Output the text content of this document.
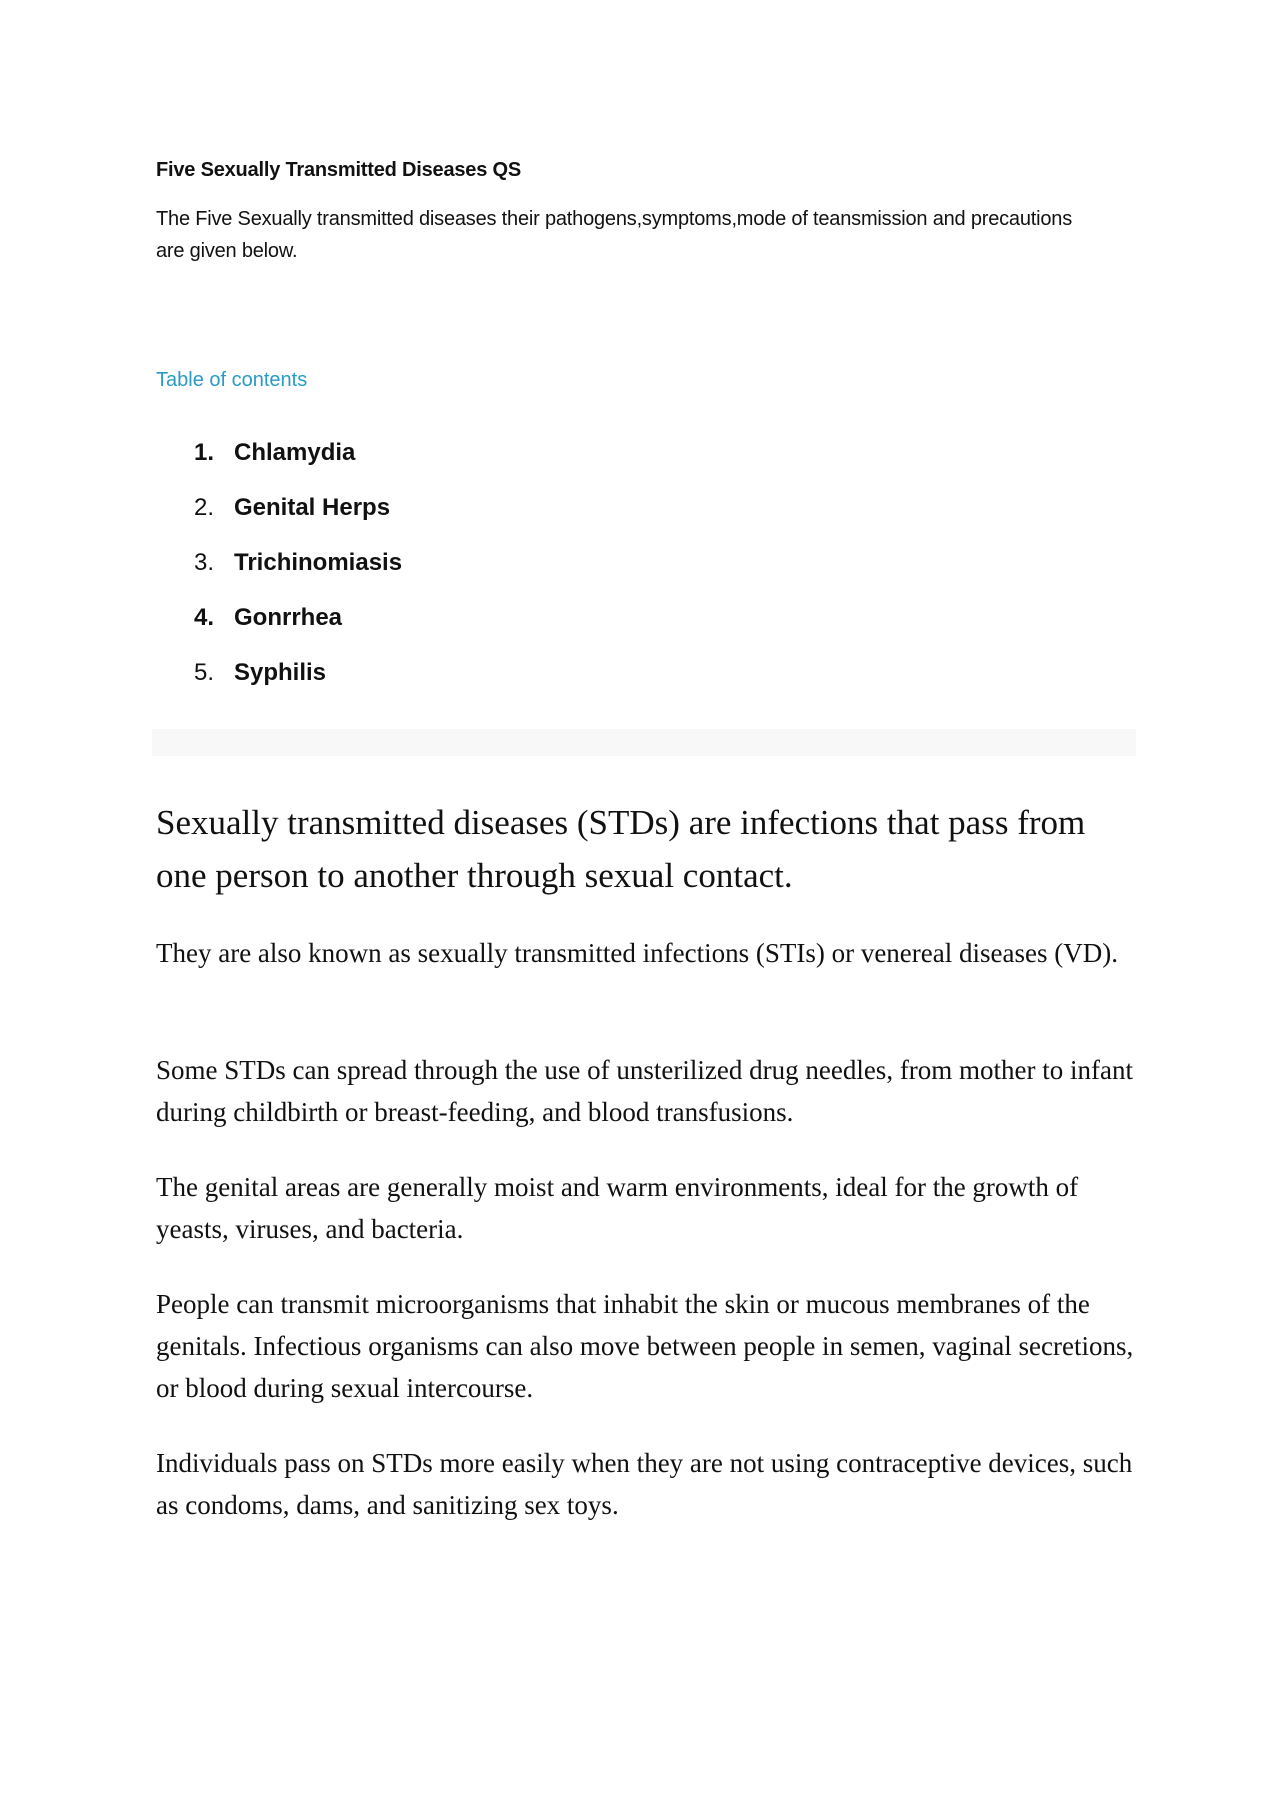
Five Sexually Transmitted Diseases QS

The Five Sexually transmitted diseases their pathogens,symptoms,mode of teansmission and precautions are given below.

Table of contents
1. Chlamydia
2. Genital Herps
3. Trichinomiasis
4. Gonrrhea
5. Syphilis

Sexually transmitted diseases (STDs) are infections that pass from one person to another through sexual contact.

They are also known as sexually transmitted infections (STIs) or venereal diseases (VD).

Some STDs can spread through the use of unsterilized drug needles, from mother to infant during childbirth or breast-feeding, and blood transfusions.

The genital areas are generally moist and warm environments, ideal for the growth of yeasts, viruses, and bacteria.

People can transmit microorganisms that inhabit the skin or mucous membranes of the genitals. Infectious organisms can also move between people in semen, vaginal secretions, or blood during sexual intercourse.

Individuals pass on STDs more easily when they are not using contraceptive devices, such as condoms, dams, and sanitizing sex toys.
